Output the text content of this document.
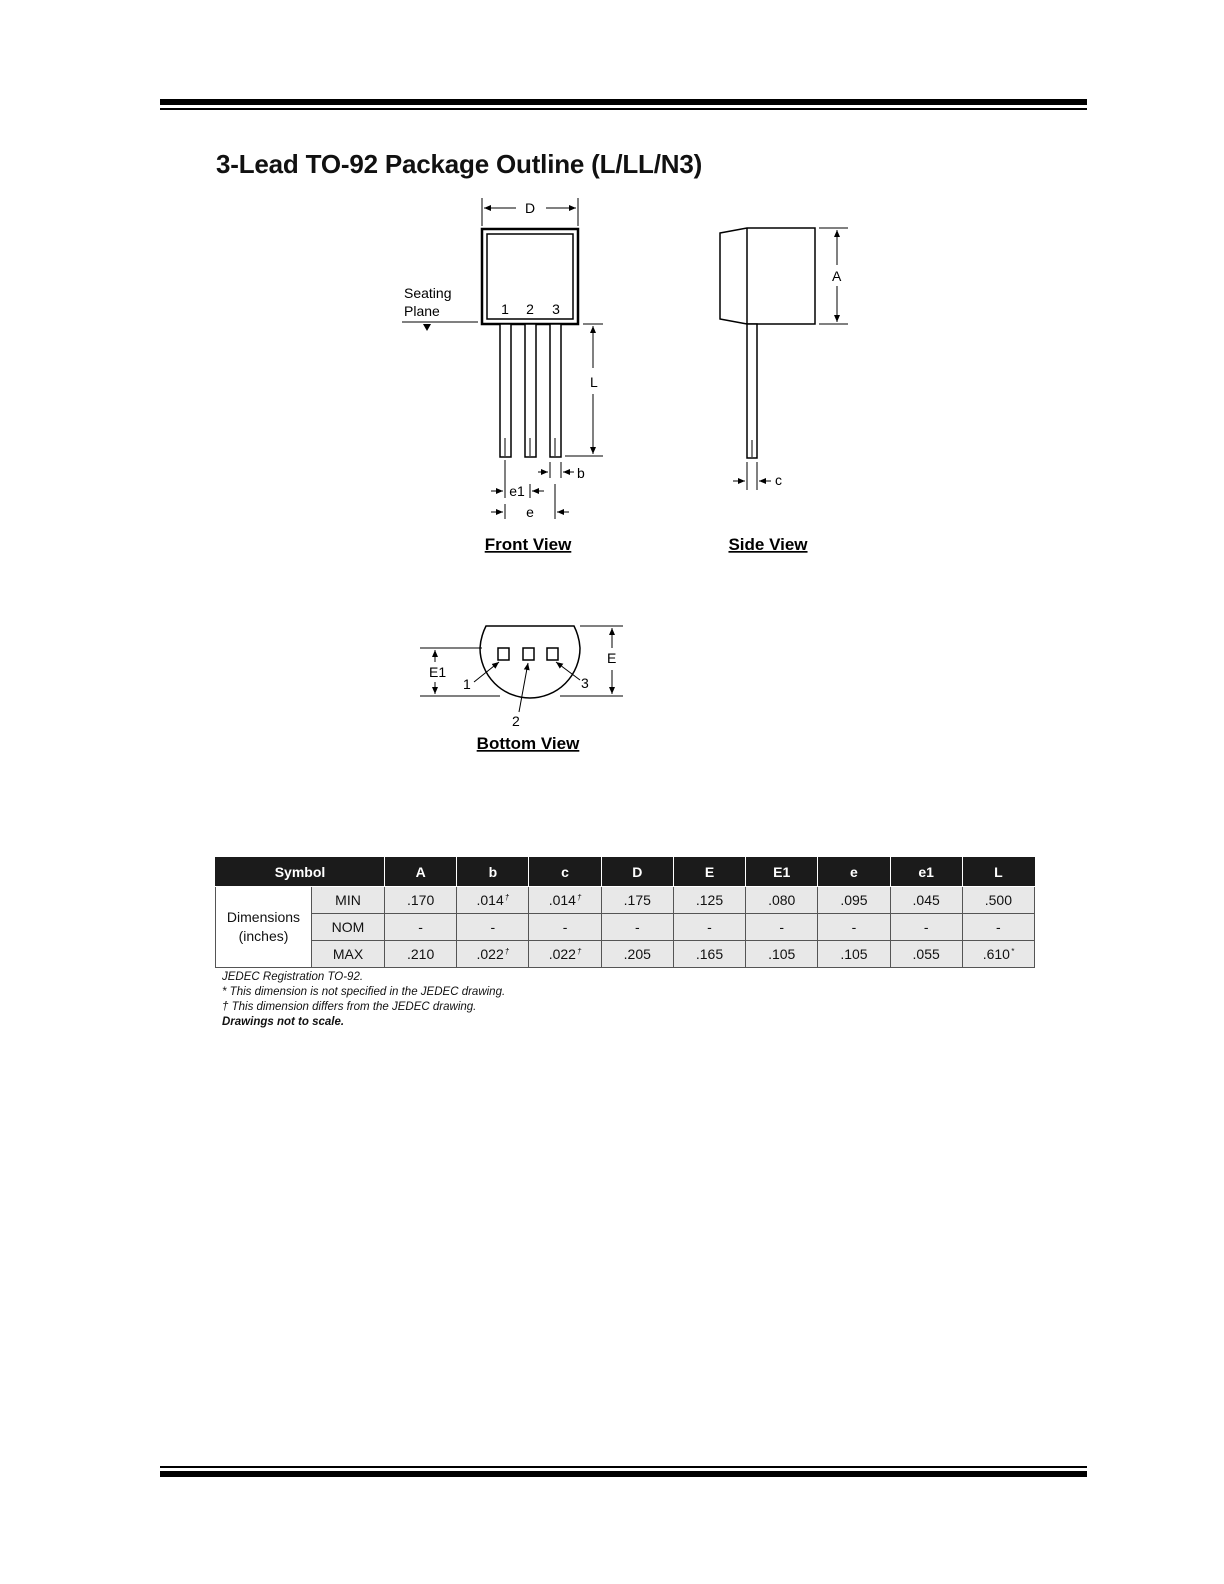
3-Lead TO-92 Package Outline (L/LL/N3)
D
1 2 3
Seating
Plane
L
b
e1
e
Front View
A
c
Side View
1
2
3
E
E1
Bottom View
Symbol		A	b	c	D	E	E1	e	e1	L
Dimensions
(inches)	MIN	.170	.014†	.014†	.175	.125	.080	.095	.045	.500
	NOM	-	-	-	-	-	-	-	-	-
	MAX	.210	.022†	.022†	.205	.165	.105	.105	.055	.610*
JEDEC Registration TO-92.
* This dimension is not specified in the JEDEC drawing.
† This dimension differs from the JEDEC drawing.
Drawings not to scale.
